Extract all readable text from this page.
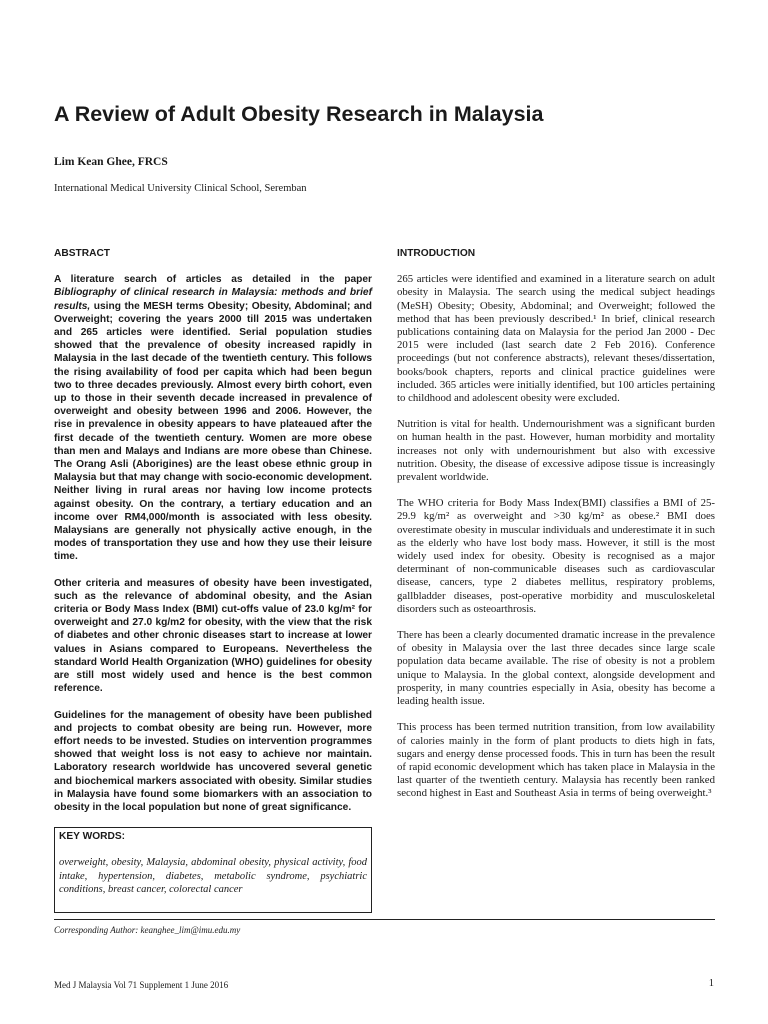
A Review of Adult Obesity Research in Malaysia

Lim Kean Ghee, FRCS

International Medical University Clinical School, Seremban

ABSTRACT

A literature search of articles as detailed in the paper Bibliography of clinical research in Malaysia: methods and brief results, using the MESH terms Obesity; Obesity, Abdominal; and Overweight; covering the years 2000 till 2015 was undertaken and 265 articles were identified. Serial population studies showed that the prevalence of obesity increased rapidly in Malaysia in the last decade of the twentieth century. This follows the rising availability of food per capita which had been begun two to three decades previously. Almost every birth cohort, even up to those in their seventh decade increased in prevalence of overweight and obesity between 1996 and 2006. However, the rise in prevalence in obesity appears to have plateaued after the first decade of the twentieth century. Women are more obese than men and Malays and Indians are more obese than Chinese. The Orang Asli (Aborigines) are the least obese ethnic group in Malaysia but that may change with socio-economic development. Neither living in rural areas nor having low income protects against obesity. On the contrary, a tertiary education and an income over RM4,000/month is associated with less obesity. Malaysians are generally not physically active enough, in the modes of transportation they use and how they use their leisure time.

Other criteria and measures of obesity have been investigated, such as the relevance of abdominal obesity, and the Asian criteria or Body Mass Index (BMI) cut-offs value of 23.0 kg/m² for overweight and 27.0 kg/m2 for obesity, with the view that the risk of diabetes and other chronic diseases start to increase at lower values in Asians compared to Europeans. Nevertheless the standard World Health Organization (WHO) guidelines for obesity are still most widely used and hence is the best common reference.

Guidelines for the management of obesity have been published and projects to combat obesity are being run. However, more effort needs to be invested. Studies on intervention programmes showed that weight loss is not easy to achieve nor maintain. Laboratory research worldwide has uncovered several genetic and biochemical markers associated with obesity. Similar studies in Malaysia have found some biomarkers with an association to obesity in the local population but none of great significance.

KEY WORDS:

overweight, obesity, Malaysia, abdominal obesity, physical activity, food intake, hypertension, diabetes, metabolic syndrome, psychiatric conditions, breast cancer, colorectal cancer

INTRODUCTION

265 articles were identified and examined in a literature search on adult obesity in Malaysia. The search using the medical subject headings (MeSH) Obesity; Obesity, Abdominal; and Overweight; followed the method that has been previously described.¹ In brief, clinical research publications containing data on Malaysia for the period Jan 2000 - Dec 2015 were included (last search date 2 Feb 2016). Conference proceedings (but not conference abstracts), relevant theses/dissertation, books/book chapters, reports and clinical practice guidelines were included. 365 articles were initially identified, but 100 articles pertaining to childhood and adolescent obesity were excluded.

Nutrition is vital for health. Undernourishment was a significant burden on human health in the past. However, human morbidity and mortality increases not only with undernourishment but also with excessive nutrition. Obesity, the disease of excessive adipose tissue is increasingly prevalent worldwide.

The WHO criteria for Body Mass Index(BMI) classifies a BMI of 25-29.9 kg/m² as overweight and >30 kg/m² as obese.² BMI does overestimate obesity in muscular individuals and underestimate it in such as the elderly who have lost body mass. However, it still is the most widely used index for obesity. Obesity is recognised as a major determinant of non-communicable diseases such as cardiovascular disease, cancers, type 2 diabetes mellitus, respiratory problems, gallbladder diseases, post-operative morbidity and musculoskeletal disorders such as osteoarthrosis.

There has been a clearly documented dramatic increase in the prevalence of obesity in Malaysia over the last three decades since large scale population data became available. The rise of obesity is not a problem unique to Malaysia. In the global context, alongside development and prosperity, in many countries especially in Asia, obesity has become a leading health issue.

This process has been termed nutrition transition, from low availability of calories mainly in the form of plant products to diets high in fats, sugars and energy dense processed foods. This in turn has been the result of rapid economic development which has taken place in Malaysia in the last quarter of the twentieth century. Malaysia has recently been ranked second highest in East and Southeast Asia in terms of being overweight.³

Corresponding Author: keanghee_lim@imu.edu.my

Med J Malaysia Vol 71 Supplement 1 June 2016	1
